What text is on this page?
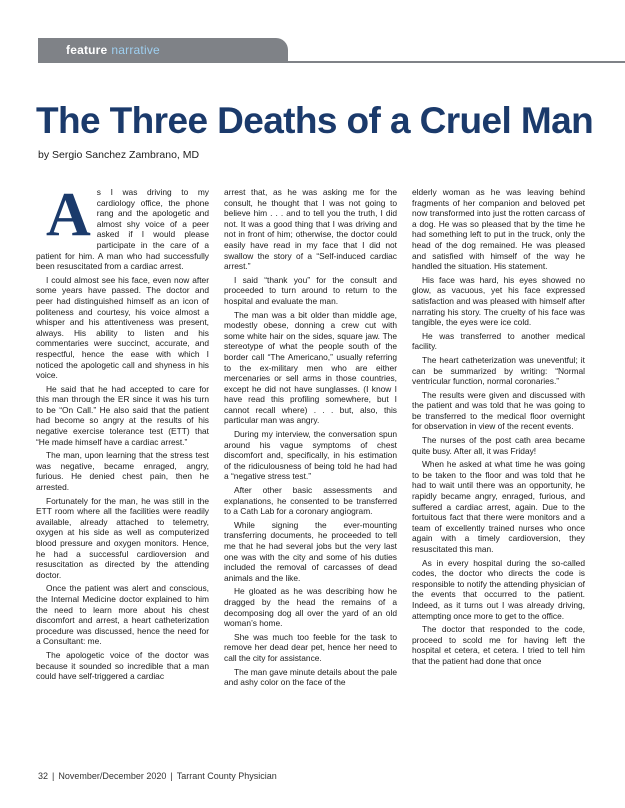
feature narrative
The Three Deaths of a Cruel Man
by Sergio Sanchez Zambrano, MD
A s I was driving to my cardiology office, the phone rang and the apologetic and almost shy voice of a peer asked if I would please participate in the care of a patient for him. A man who had successfully been resuscitated from a cardiac arrest.

I could almost see his face, even now after some years have passed. The doctor and peer had distinguished himself as an icon of politeness and courtesy, his voice almost a whisper and his attentiveness was present, always. His ability to listen and his commentaries were succinct, accurate, and respectful, hence the ease with which I noticed the apologetic call and shyness in his voice.

He said that he had accepted to care for this man through the ER since it was his turn to be “On Call.” He also said that the patient had become so angry at the results of his negative exercise tolerance test (ETT) that “He made himself have a cardiac arrest.”

The man, upon learning that the stress test was negative, became enraged, angry, furious. He denied chest pain, then he arrested.

Fortunately for the man, he was still in the ETT room where all the facilities were readily available, already attached to telemetry, oxygen at his side as well as computerized blood pressure and oxygen monitors. Hence, he had a successful cardioversion and resuscitation as directed by the attending doctor.

Once the patient was alert and conscious, the Internal Medicine doctor explained to him the need to learn more about his chest discomfort and arrest, a heart catheterization procedure was discussed, hence the need for a Consultant: me.

The apologetic voice of the doctor was because it sounded so incredible that a man could have self-triggered a cardiac

arrest that, as he was asking me for the consult, he thought that I was not going to believe him . . . and to tell you the truth, I did not. It was a good thing that I was driving and not in front of him; otherwise, the doctor could easily have read in my face that I did not swallow the story of a “Self-induced cardiac arrest.”

I said “thank you” for the consult and proceeded to turn around to return to the hospital and evaluate the man.

The man was a bit older than middle age, modestly obese, donning a crew cut with some white hair on the sides, square jaw. The stereotype of what the people south of the border call “The Americano,” usually referring to the ex-military men who are either mercenaries or sell arms in those countries, except he did not have sunglasses. (I know I have read this profiling somewhere, but I cannot recall where) . . . but, also, this particular man was angry.

During my interview, the conversation spun around his vague symptoms of chest discomfort and, specifically, in his estimation of the ridiculousness of being told he had had a “negative stress test.”

After other basic assessments and explanations, he consented to be transferred to a Cath Lab for a coronary angiogram.

While signing the ever-mounting transferring documents, he proceeded to tell me that he had several jobs but the very last one was with the city and some of his duties included the removal of carcasses of dead animals and the like.

He gloated as he was describing how he dragged by the head the remains of a decomposing dog all over the yard of an old woman’s home.

She was much too feeble for the task to remove her dead dear pet, hence her need to call the city for assistance.

The man gave minute details about the pale and ashy color on the face of the

elderly woman as he was leaving behind fragments of her companion and beloved pet now transformed into just the rotten carcass of a dog. He was so pleased that by the time he had something left to put in the truck, only the head of the dog remained. He was pleased and satisfied with himself of the way he handled the situation. His statement.

His face was hard, his eyes showed no glow, as vacuous, yet his face expressed satisfaction and was pleased with himself after narrating his story. The cruelty of his face was tangible, the eyes were ice cold.

He was transferred to another medical facility.

The heart catheterization was uneventful; it can be summarized by writing: “Normal ventricular function, normal coronaries.”

The results were given and discussed with the patient and was told that he was going to be transferred to the medical floor overnight for observation in view of the recent events.

The nurses of the post cath area became quite busy. After all, it was Friday!

When he asked at what time he was going to be taken to the floor and was told that he had to wait until there was an opportunity, he rapidly became angry, enraged, furious, and suffered a cardiac arrest, again. Due to the fortuitous fact that there were monitors and a team of excellently trained nurses who once again with a timely cardioversion, they resuscitated this man.

As in every hospital during the so-called codes, the doctor who directs the code is responsible to notify the attending physician of the events that occurred to the patient. Indeed, as it turns out I was already driving, attempting once more to get to the office.

The doctor that responded to the code, proceed to scold me for having left the hospital et cetera, et cetera. I tried to tell him that the patient had done that once

32 | November/December 2020 | Tarrant County Physician
